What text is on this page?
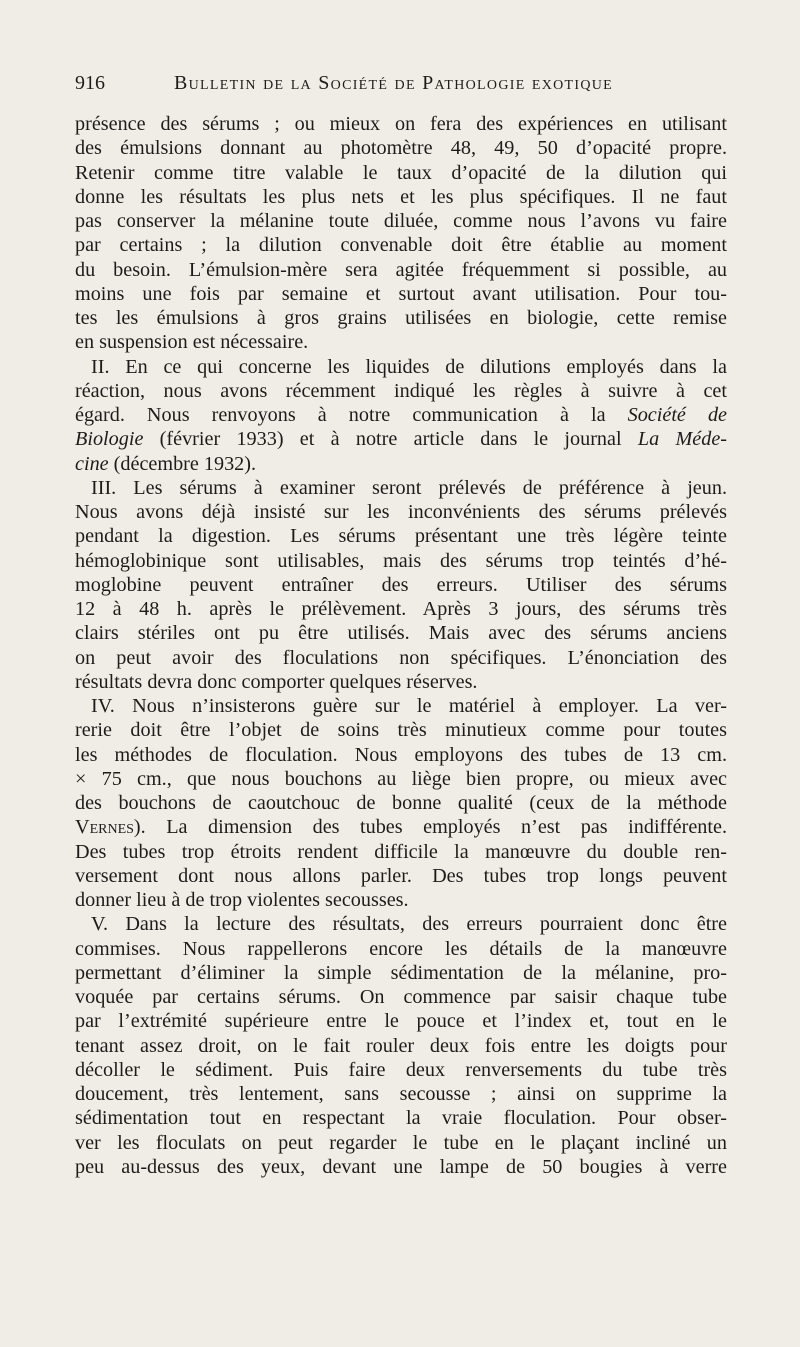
916	Bulletin de la Société de Pathologie exotique

présence des sérums ; ou mieux on fera des expériences en utilisant

des émulsions donnant au photomètre 48, 49, 50 d’opacité propre.

Retenir comme titre valable le taux d’opacité de la dilution qui

donne les résultats les plus nets et les plus spécifiques. Il ne faut

pas conserver la mélanine toute diluée, comme nous l’avons vu faire

par certains ; la dilution convenable doit être établie au moment

du besoin. L’émulsion-mère sera agitée fréquemment si possible, au

moins une fois par semaine et surtout avant utilisation. Pour tou-

tes les émulsions à gros grains utilisées en biologie, cette remise

en suspension est nécessaire.

II. En ce qui concerne les liquides de dilutions employés dans la

réaction, nous avons récemment indiqué les règles à suivre à cet

égard. Nous renvoyons à notre communication à la Société de

Biologie (février 1933) et à notre article dans le journal La Méde-

cine (décembre 1932).

III. Les sérums à examiner seront prélevés de préférence à jeun.

Nous avons déjà insisté sur les inconvénients des sérums prélevés

pendant la digestion. Les sérums présentant une très légère teinte

hémoglobinique sont utilisables, mais des sérums trop teintés d’hé-

moglobine peuvent entraîner des erreurs. Utiliser des sérums

12 à 48 h. après le prélèvement. Après 3 jours, des sérums très

clairs stériles ont pu être utilisés. Mais avec des sérums anciens

on peut avoir des floculations non spécifiques. L’énonciation des

résultats devra donc comporter quelques réserves.

IV. Nous n’insisterons guère sur le matériel à employer. La ver-

rerie doit être l’objet de soins très minutieux comme pour toutes

les méthodes de floculation. Nous employons des tubes de 13 cm.

× 75 cm., que nous bouchons au liège bien propre, ou mieux avec

des bouchons de caoutchouc de bonne qualité (ceux de la méthode

Vernes). La dimension des tubes employés n’est pas indifférente.

Des tubes trop étroits rendent difficile la manœuvre du double ren-

versement dont nous allons parler. Des tubes trop longs peuvent

donner lieu à de trop violentes secousses.

V. Dans la lecture des résultats, des erreurs pourraient donc être

commises. Nous rappellerons encore les détails de la manœuvre

permettant d’éliminer la simple sédimentation de la mélanine, pro-

voquée par certains sérums. On commence par saisir chaque tube

par l’extrémité supérieure entre le pouce et l’index et, tout en le

tenant assez droit, on le fait rouler deux fois entre les doigts pour

décoller le sédiment. Puis faire deux renversements du tube très

doucement, très lentement, sans secousse ; ainsi on supprime la

sédimentation tout en respectant la vraie floculation. Pour obser-

ver les floculats on peut regarder le tube en le plaçant incliné un

peu au-dessus des yeux, devant une lampe de 50 bougies à verre
